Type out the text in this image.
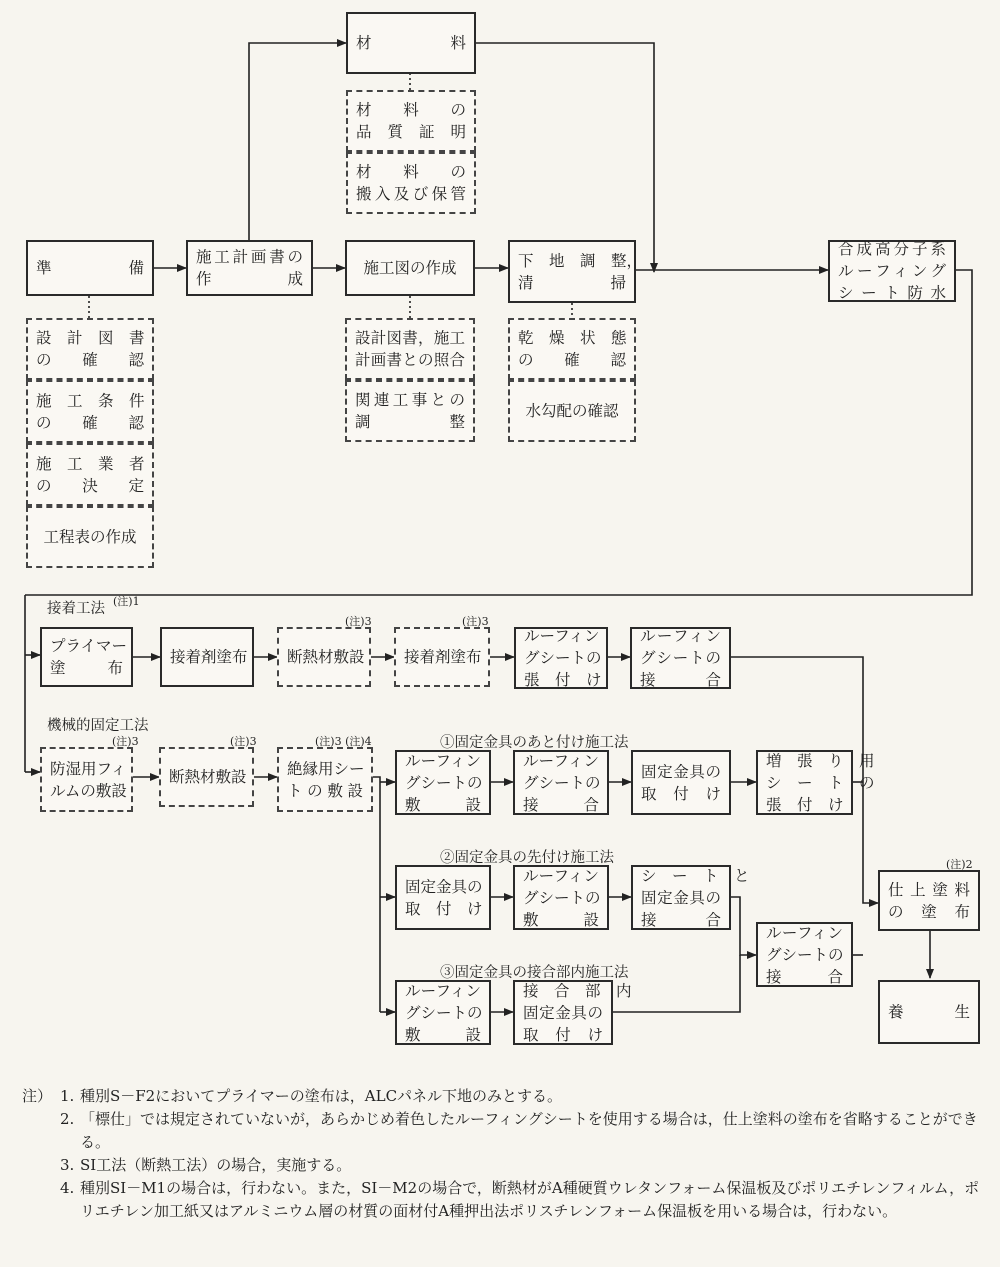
材　　料
材　料　の
品　質　証　明
材　料　の
搬入及び保管
準　　備
設　計　図　書
の　確　認
施　工　条　件
の　確　認
施　工　業　者
の　決　定
工程表の作成
施工計画書の
作　　成
施工図の作成
設計図書，施工
計画書との照合
関連工事との
調　　整
下　地　調　整，
清　　掃
乾　燥　状　態
の　確　認
水勾配の確認
合成高分子系
ルーフィング
シート防水
プライマー
塗　　布
接着剤塗布	断熱材敷設	接着剤塗布
ルーフィン
グシートの
張　付　け
ルーフィン
グシートの
接　　合
防湿用フィ
ルムの敷設
断熱材敷設	絶縁用シー
トの敷設
ルーフィン
グシートの
敷　　設
ルーフィン
グシートの
接　　合
固定金具の
取　付　け
増　張　り　用
シ　ー　ト　の
張　付　け
固定金具の
取　付　け
ルーフィン
グシートの
敷　　設
シ　ー　ト　と
固定金具の
接　　合
ルーフィン
グシートの
接　　合
ルーフィン
グシートの
敷　　設
接　合　部　内
固定金具の
取　付　け
仕上塗料
の　塗　布
養　　生
接着工法 (注)1
機械的固定工法
①固定金具のあと付け施工法
②固定金具の先付け施工法
③固定金具の接合部内施工法
(注)3	(注)3
(注)3	(注)3	(注)3 (注)4
(注)2
注） 1. 種別S－F2においてプライマーの塗布は，ALCパネル下地のみとする。
2. 「標仕」では規定されていないが，あらかじめ着色したルーフィングシートを使用する場合は，仕上塗料の塗布を省略することができる。
3. SI工法（断熱工法）の場合，実施する。
4. 種別SI－M1の場合は，行わない。また，SI－M2の場合で，断熱材がA種硬質ウレタンフォーム保温板及びポリエチレンフィルム，ポリエチレン加工紙又はアルミニウム層の材質の面材付A種押出法ポリスチレンフォーム保温板を用いる場合は，行わない。
